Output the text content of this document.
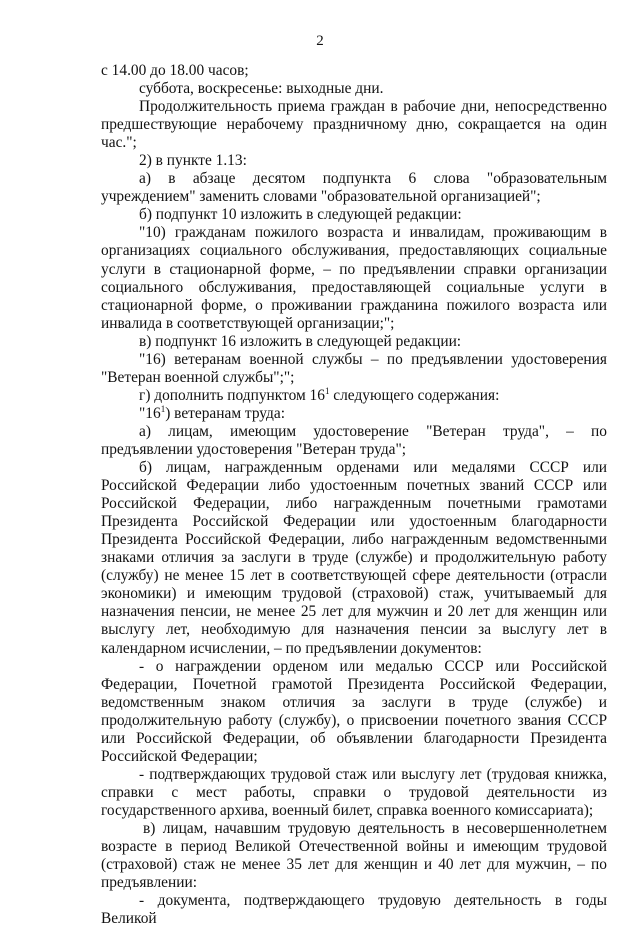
2

с 14.00 до 18.00 часов;

суббота, воскресенье: выходные дни.

Продолжительность приема граждан в рабочие дни, непосредственно предшествующие нерабочему праздничному дню, сокращается на один час.";

2) в пункте 1.13:

а) в абзаце десятом подпункта 6 слова "образовательным учреждением" заменить словами "образовательной организацией";

б) подпункт 10 изложить в следующей редакции:

"10) гражданам пожилого возраста и инвалидам, проживающим в организациях социального обслуживания, предоставляющих социальные услуги в стационарной форме, – по предъявлении справки организации социального обслуживания, предоставляющей социальные услуги в стационарной форме, о проживании гражданина пожилого возраста или инвалида в соответствующей организации;";

в) подпункт 16 изложить в следующей редакции:

"16) ветеранам военной службы – по предъявлении удостоверения "Ветеран военной службы";";

г) дополнить подпунктом $16^1$ следующего содержания:

"$16^1$) ветеранам труда:

а) лицам, имеющим удостоверение "Ветеран труда", – по предъявлении удостоверения "Ветеран труда";

б) лицам, награжденным орденами или медалями СССР или Российской Федерации либо удостоенным почетных званий СССР или Российской Федерации, либо награжденным почетными грамотами Президента Российской Федерации или удостоенным благодарности Президента Российской Федерации, либо награжденным ведомственными знаками отличия за заслуги в труде (службе) и продолжительную работу (службу) не менее 15 лет в соответствующей сфере деятельности (отрасли экономики) и имеющим трудовой (страховой) стаж, учитываемый для назначения пенсии, не менее 25 лет для мужчин и 20 лет для женщин или выслугу лет, необходимую для назначения пенсии за выслугу лет в календарном исчислении, – по предъявлении документов:

- о награждении орденом или медалью СССР или Российской Федерации, Почетной грамотой Президента Российской Федерации, ведомственным знаком отличия за заслуги в труде (службе) и продолжительную работу (службу), о присвоении почетного звания СССР или Российской Федерации, об объявлении благодарности Президента Российской Федерации;

- подтверждающих трудовой стаж или выслугу лет (трудовая книжка, справки с мест работы, справки о трудовой деятельности из государственного архива, военный билет, справка военного комиссариата);

в) лицам, начавшим трудовую деятельность в несовершеннолетнем возрасте в период Великой Отечественной войны и имеющим трудовой (страховой) стаж не менее 35 лет для женщин и 40 лет для мужчин, – по предъявлении:

- документа, подтверждающего трудовую деятельность в годы Великой
